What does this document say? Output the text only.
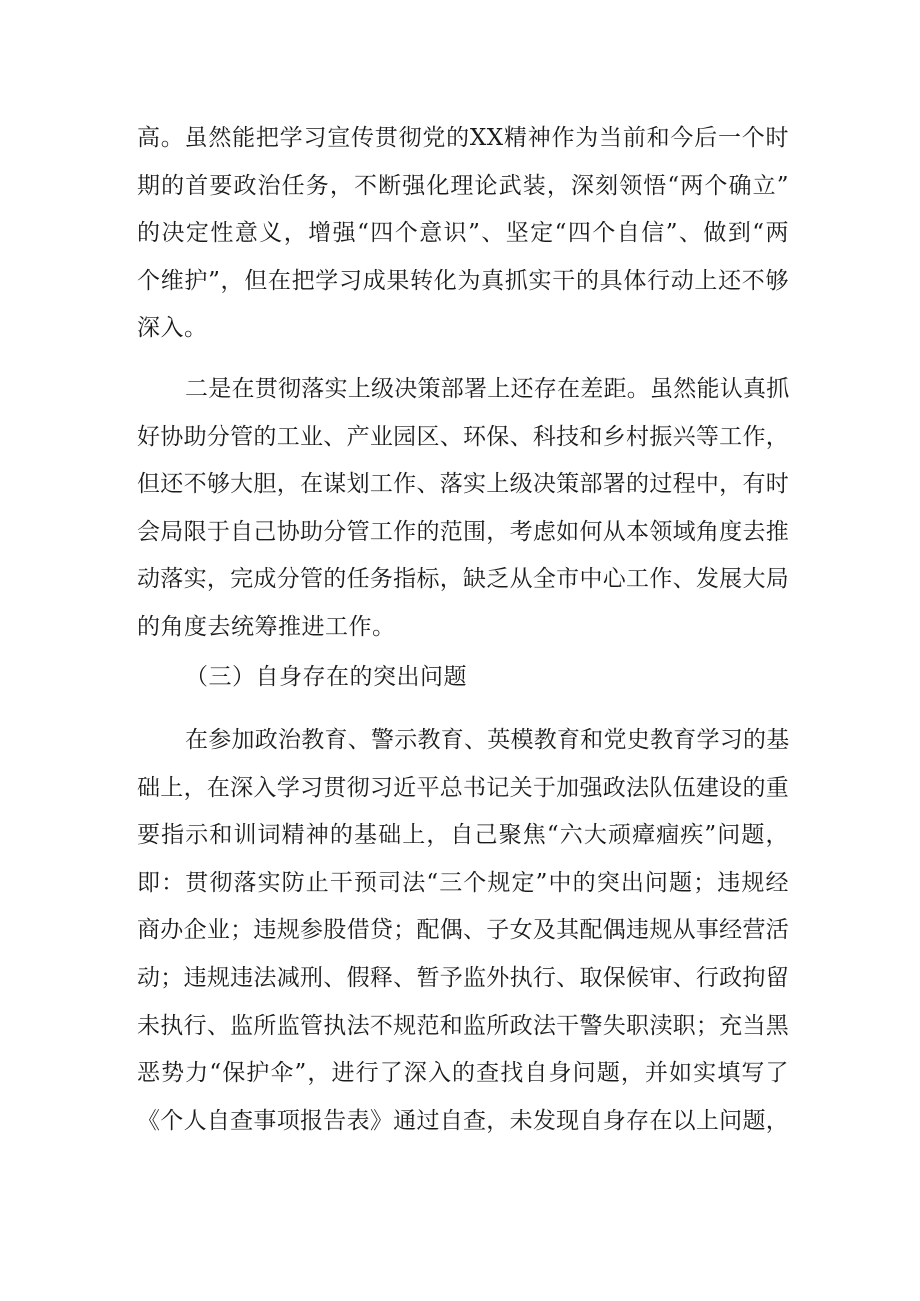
高。虽然能把学习宣传贯彻党的XX精神作为当前和今后一个时
期的首要政治任务，不断强化理论武装，深刻领悟“两个确立”
的决定性意义，增强“四个意识”、坚定“四个自信”、做到“两
个维护”，但在把学习成果转化为真抓实干的具体行动上还不够
深入。
二是在贯彻落实上级决策部署上还存在差距。虽然能认真抓
好协助分管的工业、产业园区、环保、科技和乡村振兴等工作，
但还不够大胆，在谋划工作、落实上级决策部署的过程中，有时
会局限于自己协助分管工作的范围，考虑如何从本领域角度去推
动落实，完成分管的任务指标，缺乏从全市中心工作、发展大局
的角度去统筹推进工作。
（三）自身存在的突出问题
在参加政治教育、警示教育、英模教育和党史教育学习的基
础上，在深入学习贯彻习近平总书记关于加强政法队伍建设的重
要指示和训词精神的基础上，自己聚焦“六大顽瘴痼疾”问题，
即：贯彻落实防止干预司法“三个规定”中的突出问题；违规经
商办企业；违规参股借贷；配偶、子女及其配偶违规从事经营活
动；违规违法减刑、假释、暂予监外执行、取保候审、行政拘留
未执行、监所监管执法不规范和监所政法干警失职渎职；充当黑
恶势力“保护伞”，进行了深入的查找自身问题，并如实填写了
《个人自查事项报告表》通过自查，未发现自身存在以上问题，
